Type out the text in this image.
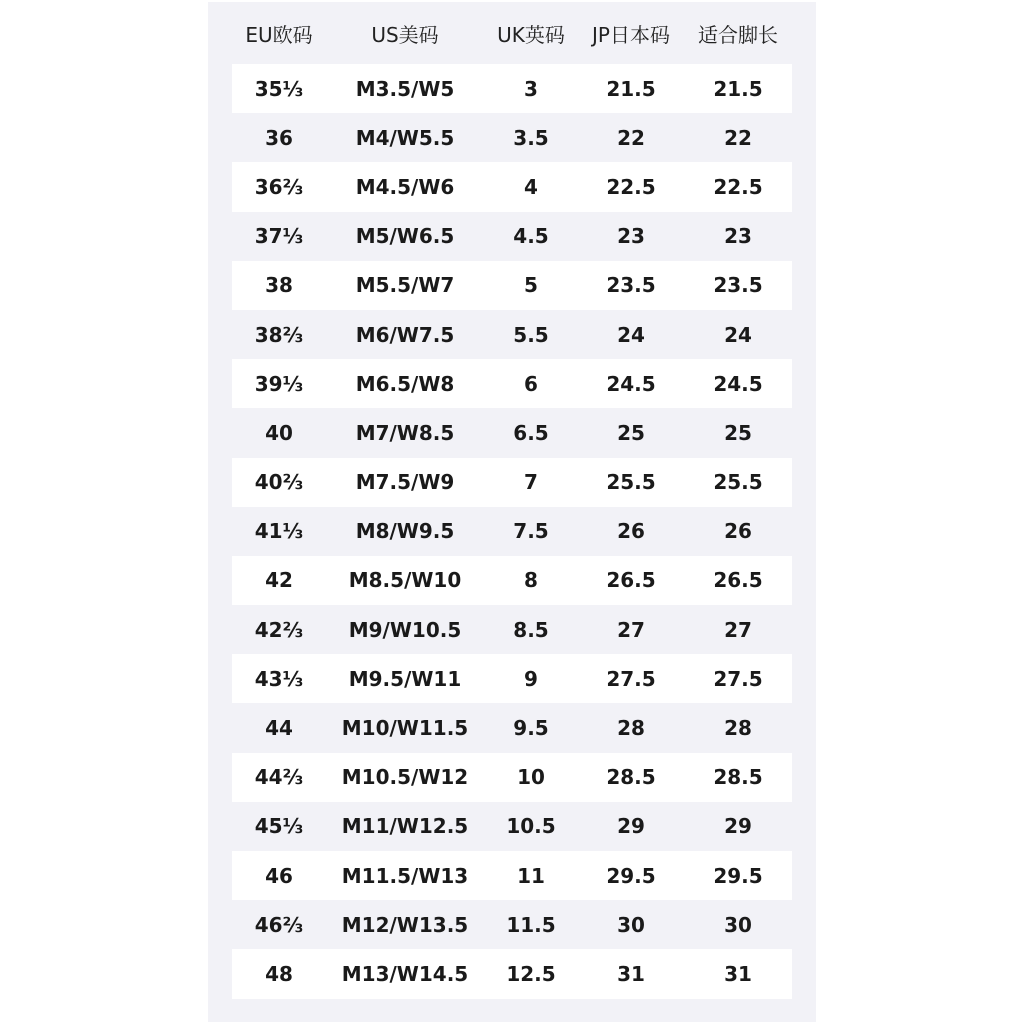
EU欧码	US美码	UK英码	JP日本码	适合脚长
35⅓	M3.5/W5	3	21.5	21.5
36	M4/W5.5	3.5	22	22
36⅔	M4.5/W6	4	22.5	22.5
37⅓	M5/W6.5	4.5	23	23
38	M5.5/W7	5	23.5	23.5
38⅔	M6/W7.5	5.5	24	24
39⅓	M6.5/W8	6	24.5	24.5
40	M7/W8.5	6.5	25	25
40⅔	M7.5/W9	7	25.5	25.5
41⅓	M8/W9.5	7.5	26	26
42	M8.5/W10	8	26.5	26.5
42⅔	M9/W10.5	8.5	27	27
43⅓	M9.5/W11	9	27.5	27.5
44	M10/W11.5	9.5	28	28
44⅔	M10.5/W12	10	28.5	28.5
45⅓	M11/W12.5	10.5	29	29
46	M11.5/W13	11	29.5	29.5
46⅔	M12/W13.5	11.5	30	30
48	M13/W14.5	12.5	31	31
